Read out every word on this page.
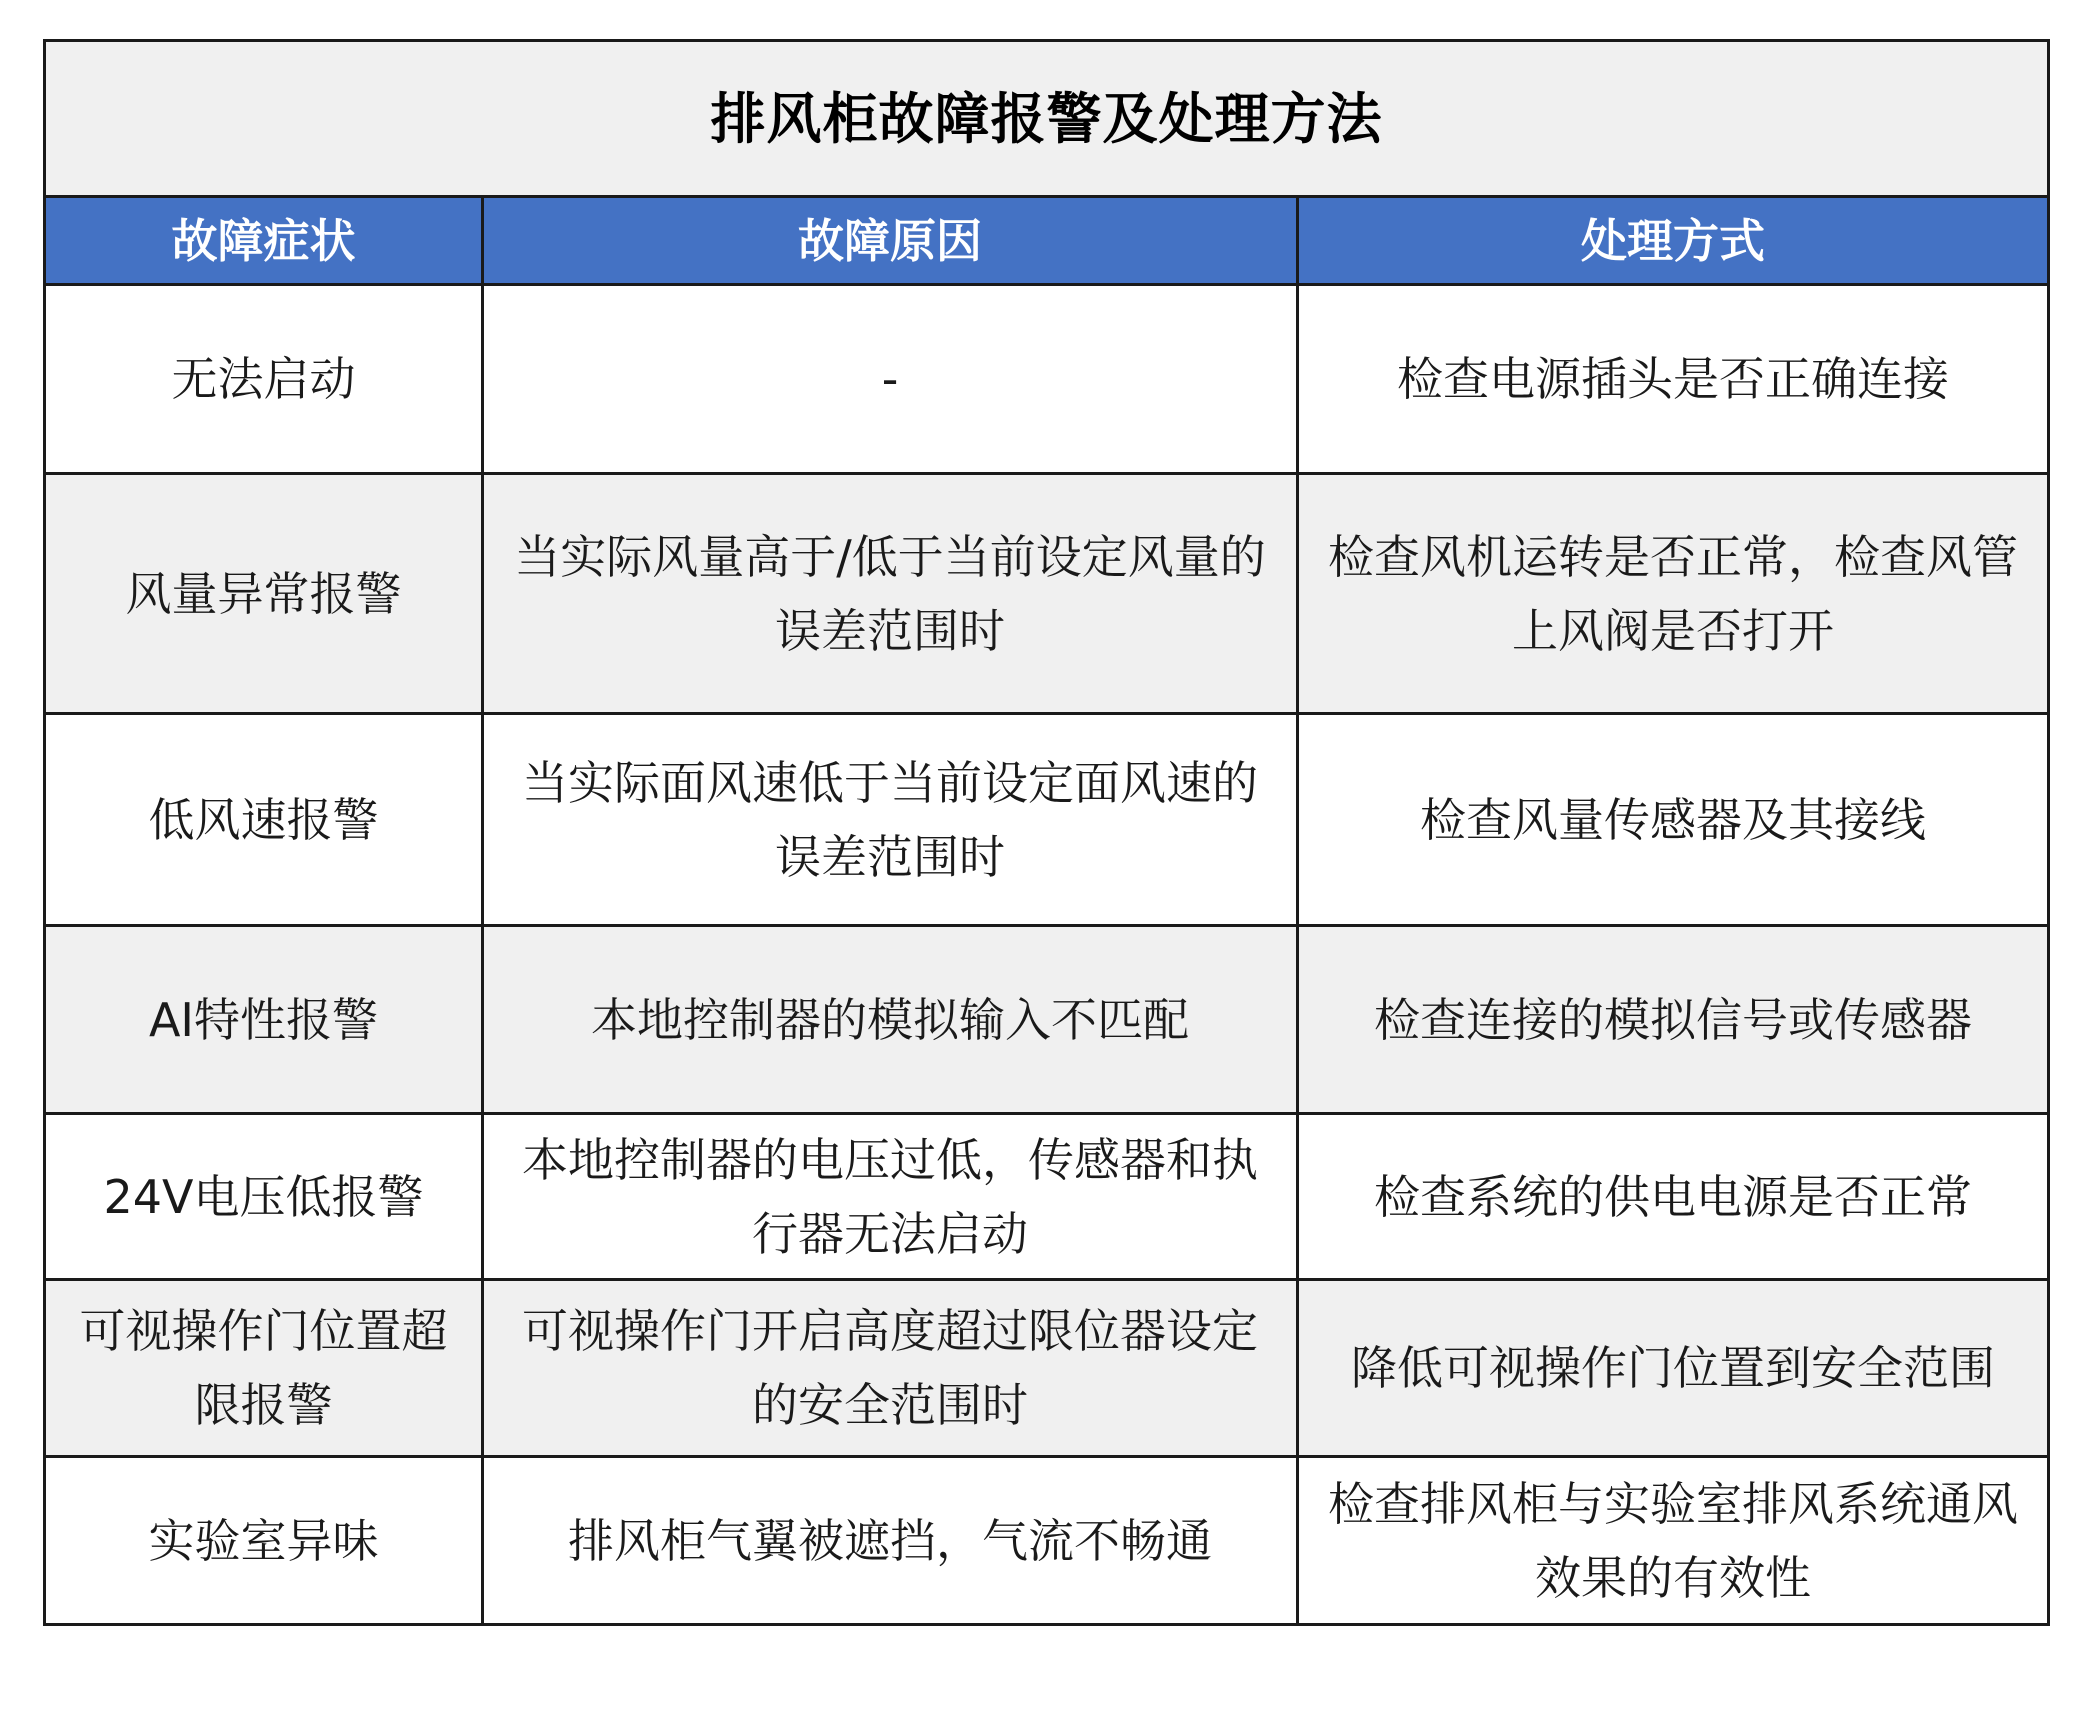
排风柜故障报警及处理方法		
故障症状	故障原因	处理方式
无法启动	-	检查电源插头是否正确连接
风量异常报警	当实际风量高于/低于当前设定风量的误差范围时	检查风机运转是否正常，检查风管上风阀是否打开
低风速报警	当实际面风速低于当前设定面风速的误差范围时	检查风量传感器及其接线
AI特性报警	本地控制器的模拟输入不匹配	检查连接的模拟信号或传感器
24V电压低报警	本地控制器的电压过低，传感器和执行器无法启动	检查系统的供电电源是否正常
可视操作门位置超限报警	可视操作门开启高度超过限位器设定的安全范围时	降低可视操作门位置到安全范围
实验室异味	排风柜气翼被遮挡，气流不畅通	检查排风柜与实验室排风系统通风效果的有效性
